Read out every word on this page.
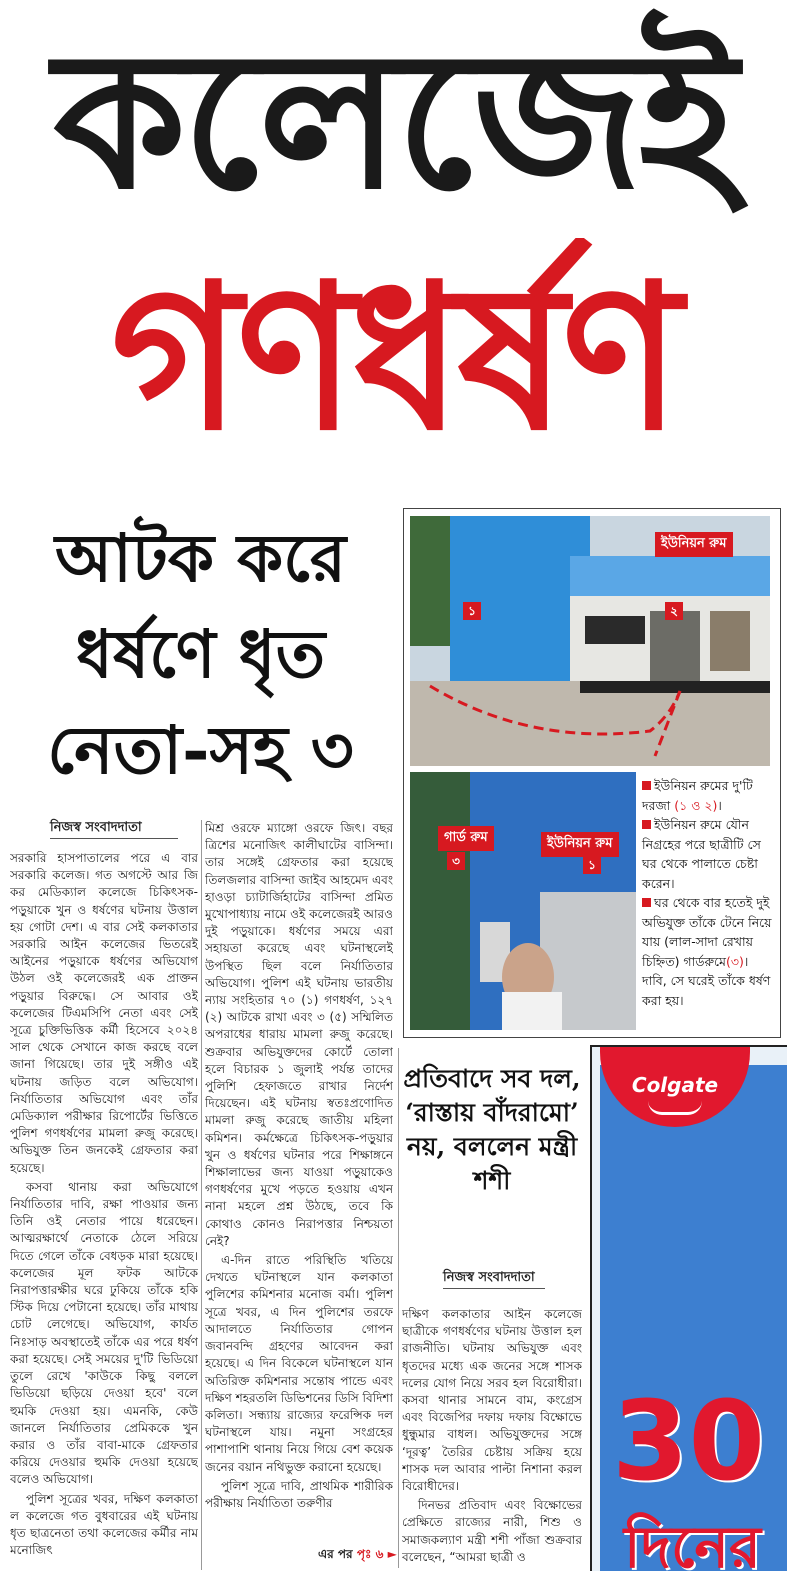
কলেজেই
গণধর্ষণ
আটক করে ধর্ষণে ধৃত নেতা-সহ ৩
নিজস্ব সংবাদদাতা

সরকারি হাসপাতালের পরে এ বার সরকারি কলেজ। গত অগস্টে আর জি কর মেডিক্যাল কলেজে চিকিৎসক-পড়ুয়াকে খুন ও ধর্ষণের ঘটনায় উত্তাল হয় গোটা দেশ। এ বার সেই কলকাতার সরকারি আইন কলেজের ভিতরেই আইনের পড়ুয়াকে ধর্ষণের অভিযোগ উঠল ওই কলেজেরই এক প্রাক্তন পড়ুয়ার বিরুদ্ধে। সে আবার ওই কলেজের টিএমসিপি নেতা এবং সেই সূত্রে চুক্তিভিত্তিক কর্মী হিসেবে ২০২৪ সাল থেকে সেখানে কাজ করছে বলে জানা গিয়েছে। তার দুই সঙ্গীও এই ঘটনায় জড়িত বলে অভিযোগ। নির্যাতিতার অভিযোগ এবং তাঁর মেডিক্যাল পরীক্ষার রিপোর্টের ভিত্তিতে পুলিশ গণধর্ষণের মামলা রুজু করেছে। অভিযুক্ত তিন জনকেই গ্রেফতার করা হয়েছে।

কসবা থানায় করা অভিযোগে নির্যাতিতার দাবি, রক্ষা পাওয়ার জন্য তিনি ওই নেতার পায়ে ধরেছেন। আত্মরক্ষার্থে নেতাকে ঠেলে সরিয়ে দিতে গেলে তাঁকে বেধড়ক মারা হয়েছে। কলেজের মূল ফটক আটকে নিরাপত্তারক্ষীর ঘরে ঢুকিয়ে তাঁকে হকি স্টিক দিয়ে পেটানো হয়েছে। তাঁর মাথায় চোট লেগেছে। অভিযোগ, কার্যত নিঃসাড় অবস্থাতেই তাঁকে এর পরে ধর্ষণ করা হয়েছে। সেই সময়ের দু'টি ভিডিয়ো তুলে রেখে 'কাউকে কিছু বললে ভিডিয়ো ছড়িয়ে দেওয়া হবে' বলে হুমকি দেওয়া হয়। এমনকি, কেউ জানলে নির্যাতিতার প্রেমিককে খুন করার ও তাঁর বাবা-মাকে গ্রেফতার করিয়ে দেওয়ার হুমকি দেওয়া হয়েছে বলেও অভিযোগ।

পুলিশ সূত্রের খবর, দক্ষিণ কলকাতা ল কলেজে গত বুধবারের এই ঘটনায় ধৃত ছাত্রনেতা তথা কলেজের কর্মীর নাম মনোজিৎ

মিশ্র ওরফে ম্যাঙ্গো ওরফে জিৎ। বছর ত্রিশের মনোজিৎ কালীঘাটের বাসিন্দা। তার সঙ্গেই গ্রেফতার করা হয়েছে তিলজলার বাসিন্দা জাইব আহমেদ এবং হাওড়া চ্যাটার্জিহাটের বাসিন্দা প্রমিত মুখোপাধ্যায় নামে ওই কলেজেরই আরও দুই পড়ুয়াকে। ধর্ষণের সময়ে এরা সহায়তা করেছে এবং ঘটনাস্থলেই উপস্থিত ছিল বলে নির্যাতিতার অভিযোগ। পুলিশ এই ঘটনায় ভারতীয় ন্যায় সংহিতার ৭০ (১) গণধর্ষণ, ১২৭ (২) আটকে রাখা এবং ৩ (৫) সম্মিলিত অপরাধের ধারায় মামলা রুজু করেছে। শুক্রবার অভিযুক্তদের কোর্টে তোলা হলে বিচারক ১ জুলাই পর্যন্ত তাদের পুলিশি হেফাজতে রাখার নির্দেশ দিয়েছেন। এই ঘটনায় স্বতঃপ্রণোদিত মামলা রুজু করেছে জাতীয় মহিলা কমিশন। কর্মক্ষেত্রে চিকিৎসক-পড়ুয়ার খুন ও ধর্ষণের ঘটনার পরে শিক্ষাঙ্গনে শিক্ষালাভের জন্য যাওয়া পড়ুয়াকেও গণধর্ষণের মুখে পড়তে হওয়ায় এখন নানা মহলে প্রশ্ন উঠছে, তবে কি কোথাও কোনও নিরাপত্তার নিশ্চয়তা নেই?

এ-দিন রাতে পরিস্থিতি খতিয়ে দেখতে ঘটনাস্থলে যান কলকাতা পুলিশের কমিশনার মনোজ বর্মা। পুলিশ সূত্রে খবর, এ দিন পুলিশের তরফে আদালতে নির্যাতিতার গোপন জবানবন্দি গ্রহণের আবেদন করা হয়েছে। এ দিন বিকেলে ঘটনাস্থলে যান অতিরিক্ত কমিশনার সন্তোষ পান্ডে এবং দক্ষিণ শহরতলি ডিভিশনের ডিসি বিদিশা কলিতা। সন্ধ্যায় রাজ্যের ফরেন্সিক দল ঘটনাস্থলে যায়। নমুনা সংগ্রহের পাশাপাশি থানায় নিয়ে গিয়ে বেশ কয়েক জনের বয়ান নথিভুক্ত করানো হয়েছে।

পুলিশ সূত্রে দাবি, প্রাথমিক শারীরিক পরীক্ষায় নির্যাতিতা তরুণীর

ইউনিয়ন রুম
১	২
গার্ড রুম	ইউনিয়ন রুম
৩	১
ইউনিয়ন রুমের দু'টি দরজা (১ ও ২)।
ইউনিয়ন রুমে যৌন নিগ্রহের পরে ছাত্রীটি সে ঘর থেকে পালাতে চেষ্টা করেন।
ঘর থেকে বার হতেই দুই অভিযুক্ত তাঁকে টেনে নিয়ে যায় (লাল-সাদা রেখায় চিহ্নিত) গার্ডরুমে(৩)। দাবি, সে ঘরেই তাঁকে ধর্ষণ করা হয়।
প্রতিবাদে সব দল, ‘রাস্তায় বাঁদরামো’ নয়, বললেন মন্ত্রী শশী
নিজস্ব সংবাদদাতা

দক্ষিণ কলকাতার আইন কলেজে ছাত্রীকে গণধর্ষণের ঘটনায় উত্তাল হল রাজনীতি। ঘটনায় অভিযুক্ত এবং ধৃতদের মধ্যে এক জনের সঙ্গে শাসক দলের যোগ নিয়ে সরব হল বিরোধীরা। কসবা থানার সামনে বাম, কংগ্রেস এবং বিজেপির দফায় দফায় বিক্ষোভে ধুন্ধুমার বাধল। অভিযুক্তদের সঙ্গে ‘দূরত্ব’ তৈরির চেষ্টায় সক্রিয় হয়ে শাসক দল আবার পাল্টা নিশানা করল বিরোধীদের।

দিনভর প্রতিবাদ এবং বিক্ষোভের প্রেক্ষিতে রাজ্যের নারী, শিশু ও সমাজকল্যাণ মন্ত্রী শশী পাঁজা শুক্রবার বলেছেন, “আমরা ছাত্রী ও

Colgate
30
দিনের
এর পর পৃঃ ৬ ►
